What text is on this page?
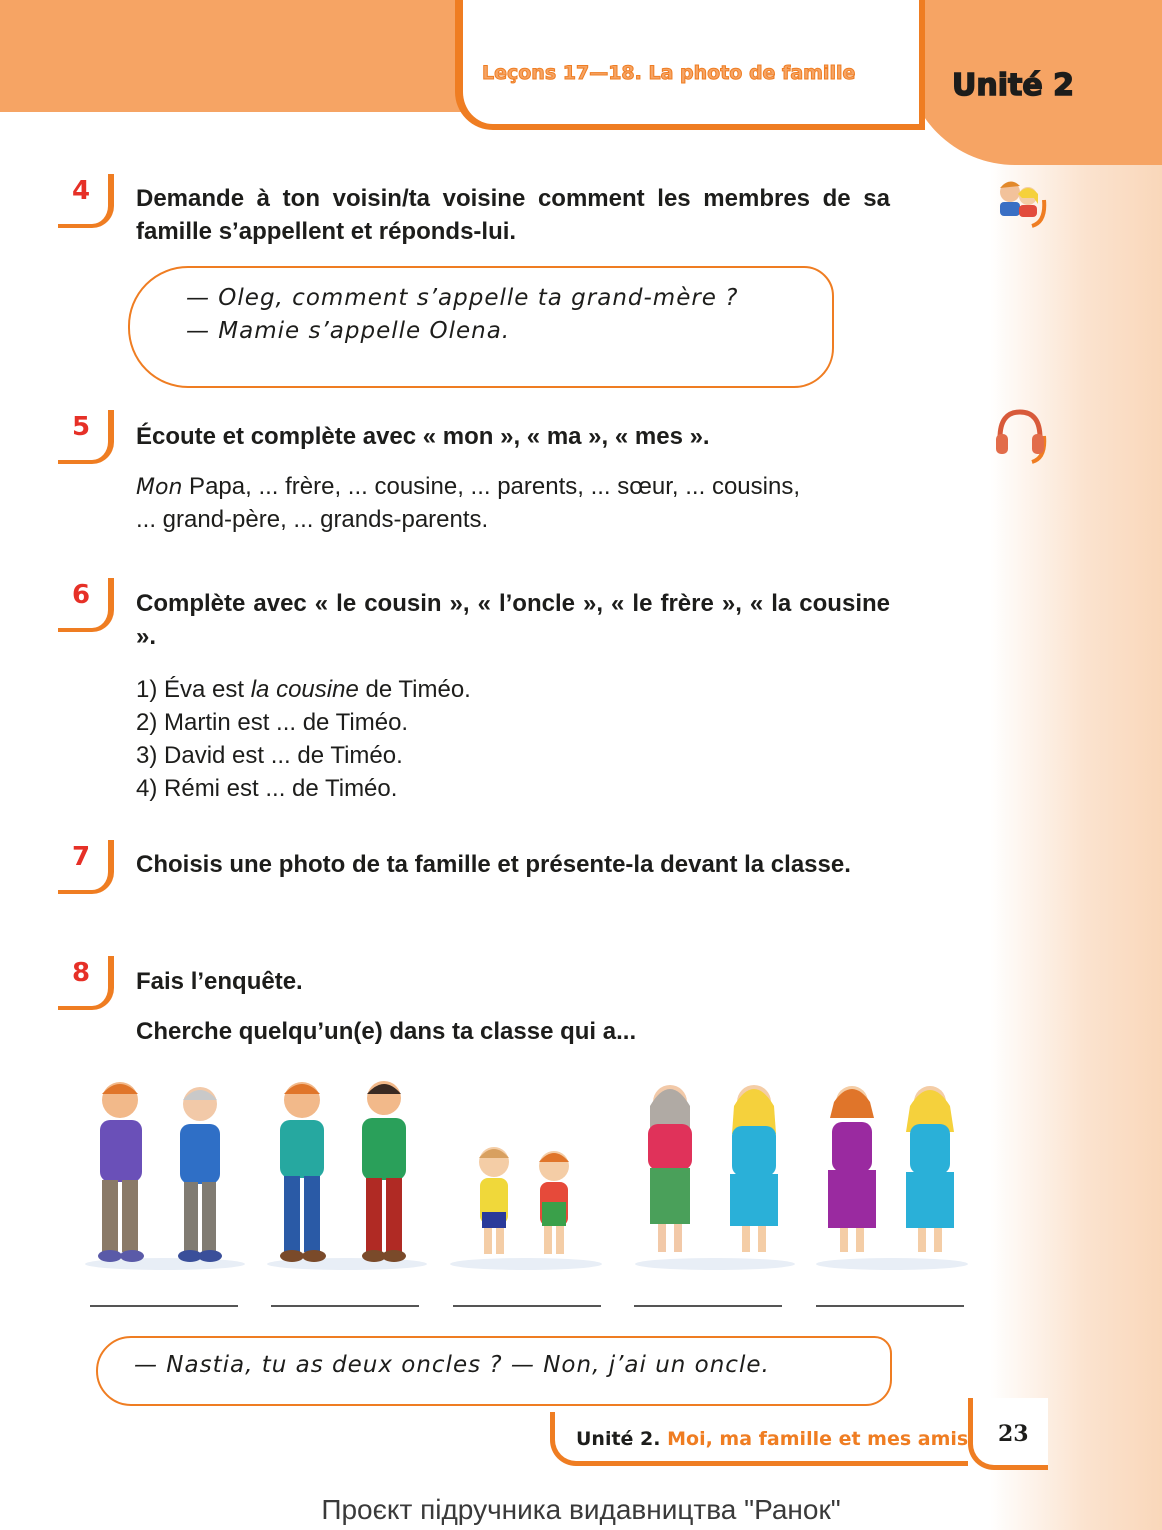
Leçons 17—18. La photo de famille	Unité 2
4 Demande à ton voisin/ta voisine comment les membres de sa famille s’appellent et réponds-lui.
— Oleg, comment s’appelle ta grand-mère ?
— Mamie s’appelle Olena.
5 Écoute et complète avec « mon », « ma », « mes ».
Mon Papa, ... frère, ... cousine, ... parents, ... sœur, ... cousins,
... grand-père, ... grands-parents.
6 Complète avec « le cousin », « l’oncle », « le frère », « la cousine ».
1) Éva est la cousine de Timéo.
2) Martin est ... de Timéo.
3) David est ... de Timéo.
4) Rémi est ... de Timéo.
7 Choisis une photo de ta famille et présente-la devant la classe.
8 Fais l’enquête.
Cherche quelqu’un(e) dans ta classe qui a...
— Nastia, tu as deux oncles ? — Non, j’ai un oncle.
Unité 2. Moi, ma famille et mes amis 23
Проєкт підручника видавництва "Ранок"
